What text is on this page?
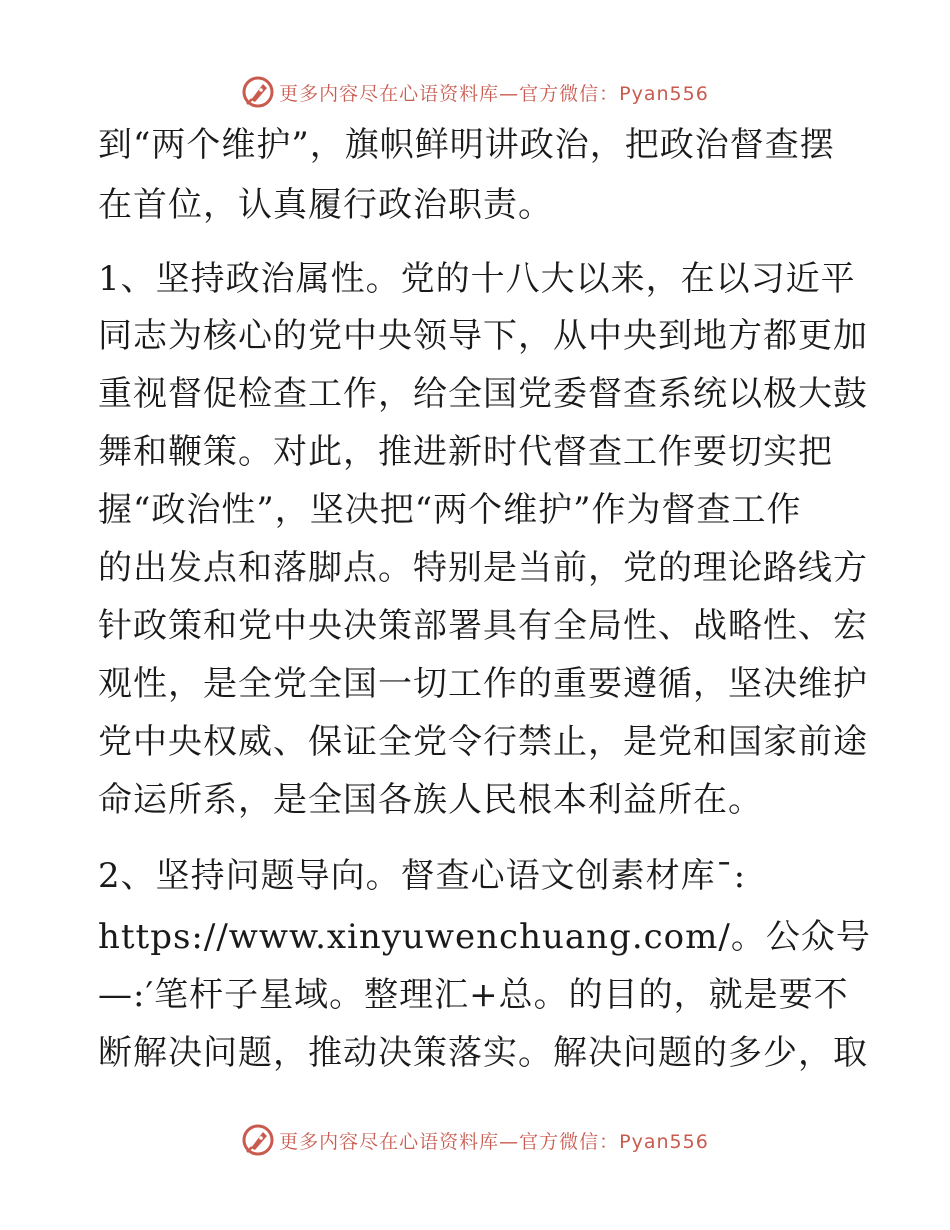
更多内容尽在心语资料库—官方微信：Pyan556
到“两个维护”，旗帜鲜明讲政治，把政治督查摆
在首位，认真履行政治职责。
1、坚持政治属性。党的十八大以来，在以习近平
同志为核心的党中央领导下，从中央到地方都更加
重视督促检查工作，给全国党委督查系统以极大鼓
舞和鞭策。对此，推进新时代督查工作要切实把
握“政治性”，坚决把“两个维护”作为督查工作
的出发点和落脚点。特别是当前，党的理论路线方
针政策和党中央决策部署具有全局性、战略性、宏
观性，是全党全国一切工作的重要遵循，坚决维护
党中央权威、保证全党令行禁止，是党和国家前途
命运所系，是全国各族人民根本利益所在。
2、坚持问题导向。督查心语文创素材库¯:
https://www.xinyuwenchuang.com/。公众号
—:′笔杆子星域。整理汇+总。的目的，就是要不
断解决问题，推动决策落实。解决问题的多少，取
更多内容尽在心语资料库—官方微信：Pyan556
